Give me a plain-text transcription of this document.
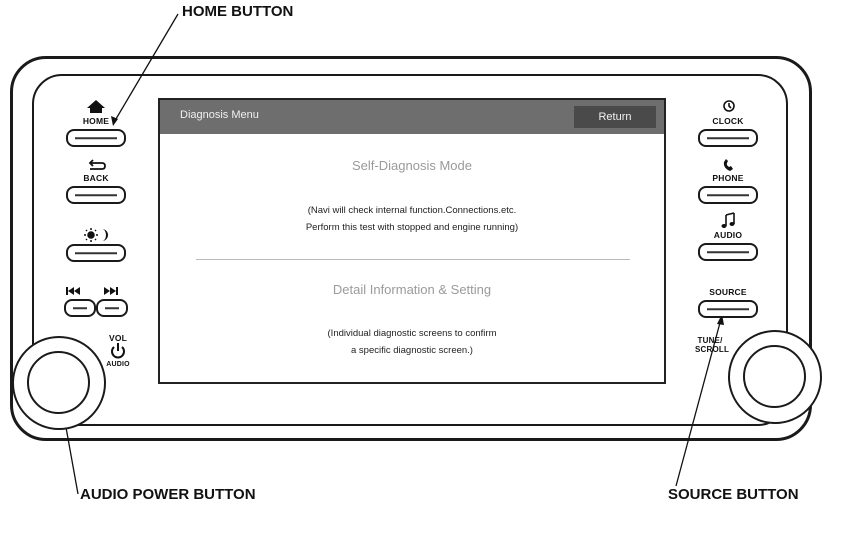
HOME BUTTON
AUDIO POWER BUTTON	SOURCE BUTTON
Diagnosis Menu	Return
Self-Diagnosis Mode
(Navi will check internal function.Connections.etc.
Perform this test with stopped and engine running)
Detail Information & Setting
(Individual diagnostic screens to confirm
a specific diagnostic screen.)
HOME
BACK
VOL
AUDIO
CLOCK
PHONE
AUDIO
SOURCE
TUNE/
SCROLL
